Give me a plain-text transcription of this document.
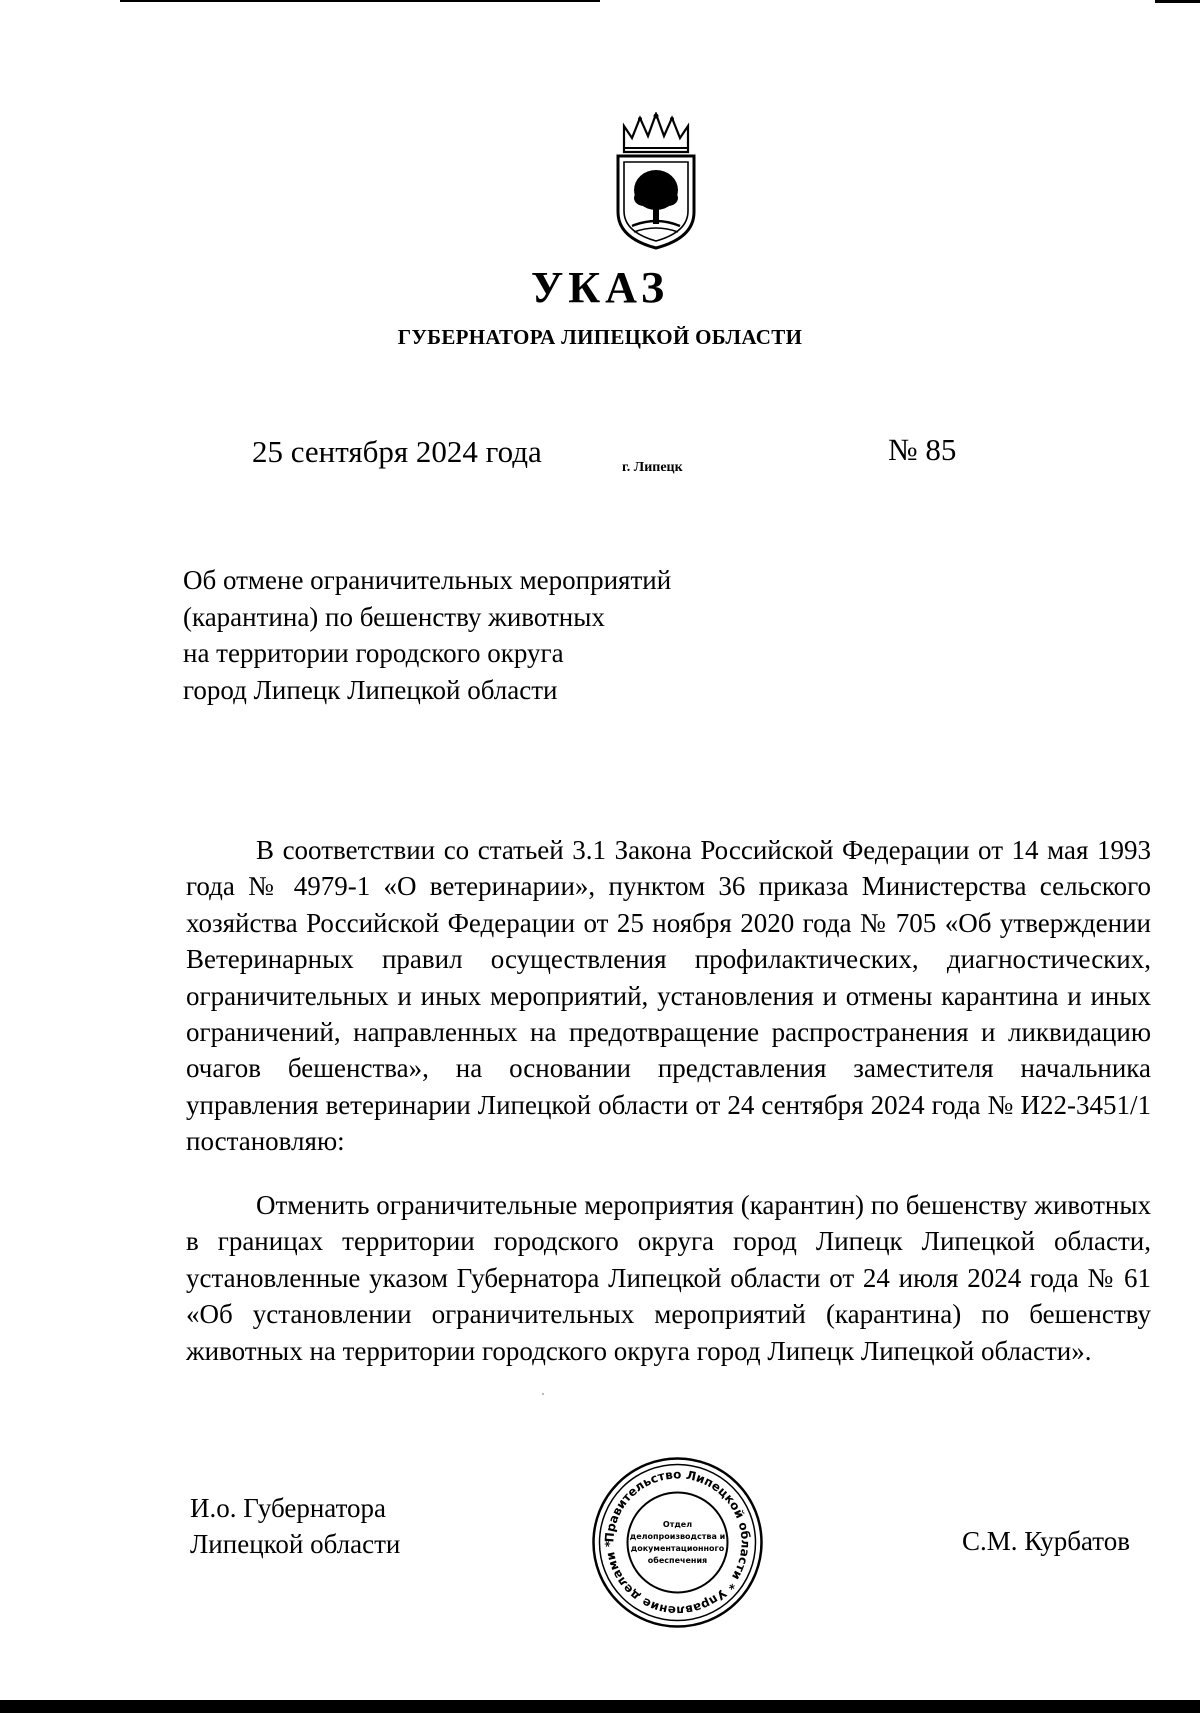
УКАЗ
ГУБЕРНАТОРА ЛИПЕЦКОЙ ОБЛАСТИ
25 сентября 2024 года	г. Липецк
№ 85
Об отмене ограничительных мероприятий
(карантина) по бешенству животных
на территории городского округа
город Липецк Липецкой области

В соответствии со статьей 3.1 Закона Российской Федерации от 14 мая 1993 года № 4979-1 «О ветеринарии», пунктом 36 приказа Министерства сельского хозяйства Российской Федерации от 25 ноября 2020 года № 705 «Об утверждении Ветеринарных правил осуществления профилактических, диагностических, ограничительных и иных мероприятий, установления и отмены карантина и иных ограничений, направленных на предотвращение распространения и ликвидацию очагов бешенства», на основании представления заместителя начальника управления ветеринарии Липецкой области от 24 сентября 2024 года № И22-3451/1 постановляю:

Отменить ограничительные мероприятия (карантин) по бешенству животных в границах территории городского округа город Липецк Липецкой области, установленные указом Губернатора Липецкой области от 24 июля 2024 года № 61 «Об установлении ограничительных мероприятий (карантина) по бешенству животных на территории городского округа город Липецк Липецкой области».

И.о. Губернатора
Липецкой области	С.М. Курбатов
Правительство Липецкой области * Управление делами *
Отдел
делопроизводства и
документационного
обеспечения
